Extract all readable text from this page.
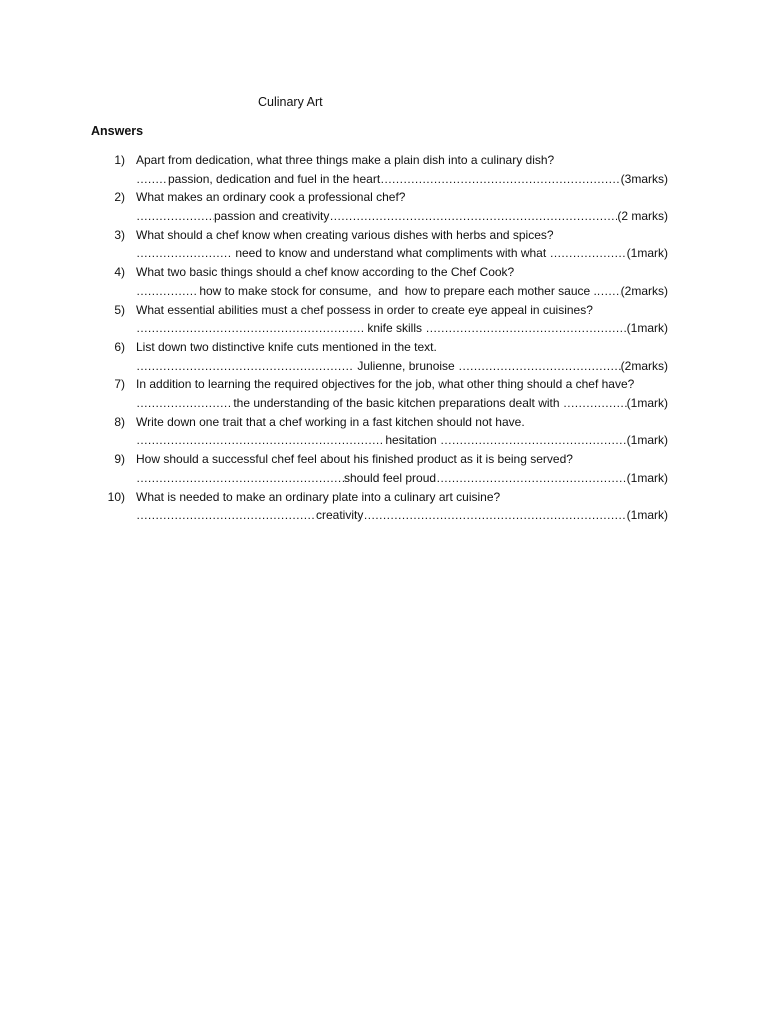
Culinary Art
Answers
1) Apart from dedication, what three things make a plain dish into a culinary dish?
……………………………………………………………………………………………………………………………………………………………………………………………………………………
passion, dedication and fuel in the heart ……………………………………………………………………………………………………………………………………………………………………………………………………………………	(3marks)
2) What makes an ordinary cook a professional chef?
……………………………………………………………………………………………………………………………………………………………………………………………………………………
passion and creativity ……………………………………………………………………………………………………………………………………………………………………………………………………………………	(2 marks)
3) What should a chef know when creating various dishes with herbs and spices?
……………………………………………………………………………………………………………………………………………………………………………………………………………………
need to know and understand what compliments with what ……………………………………………………………………………………………………………………………………………………………………………………………………………………	(1mark)
4) What two basic things should a chef know according to the Chef Cook?
……………………………………………………………………………………………………………………………………………………………………………………………………………………
how to make stock for consume,  and  how to prepare each mother sauce .. …………………………………………………………………………………………………………………………………………………………………………………………………………………… (2marks)
5) What essential abilities must a chef possess in order to create eye appeal in cuisines?
……………………………………………………………………………………………………………………………………………………………………………………………………………………
knife skills ……………………………………………………………………………………………………………………………………………………………………………………………………………………	(1mark)
6) List down two distinctive knife cuts mentioned in the text.
……………………………………………………………………………………………………………………………………………………………………………………………………………………
Julienne, brunoise ……………………………………………………………………………………………………………………………………………………………………………………………………………………	(2marks)
7) In addition to learning the required objectives for the job, what other thing should a chef have?
……………………………………………………………………………………………………………………………………………………………………………………………………………………
the understanding of the basic kitchen preparations dealt with ……………………………………………………………………………………………………………………………………………………………………………………………………………………	(1mark)
8) Write down one trait that a chef working in a fast kitchen should not have.
……………………………………………………………………………………………………………………………………………………………………………………………………………………
hesitation ……………………………………………………………………………………………………………………………………………………………………………………………………………………	(1mark)
9) How should a successful chef feel about his finished product as it is being served?
……………………………………………………………………………………………………………………………………………………………………………………………………………………
should feel proud ……………………………………………………………………………………………………………………………………………………………………………………………………………………	(1mark)
10) What is needed to make an ordinary plate into a culinary art cuisine?
……………………………………………………………………………………………………………………………………………………………………………………………………………………
creativity ……………………………………………………………………………………………………………………………………………………………………………………………………………………	(1mark)
